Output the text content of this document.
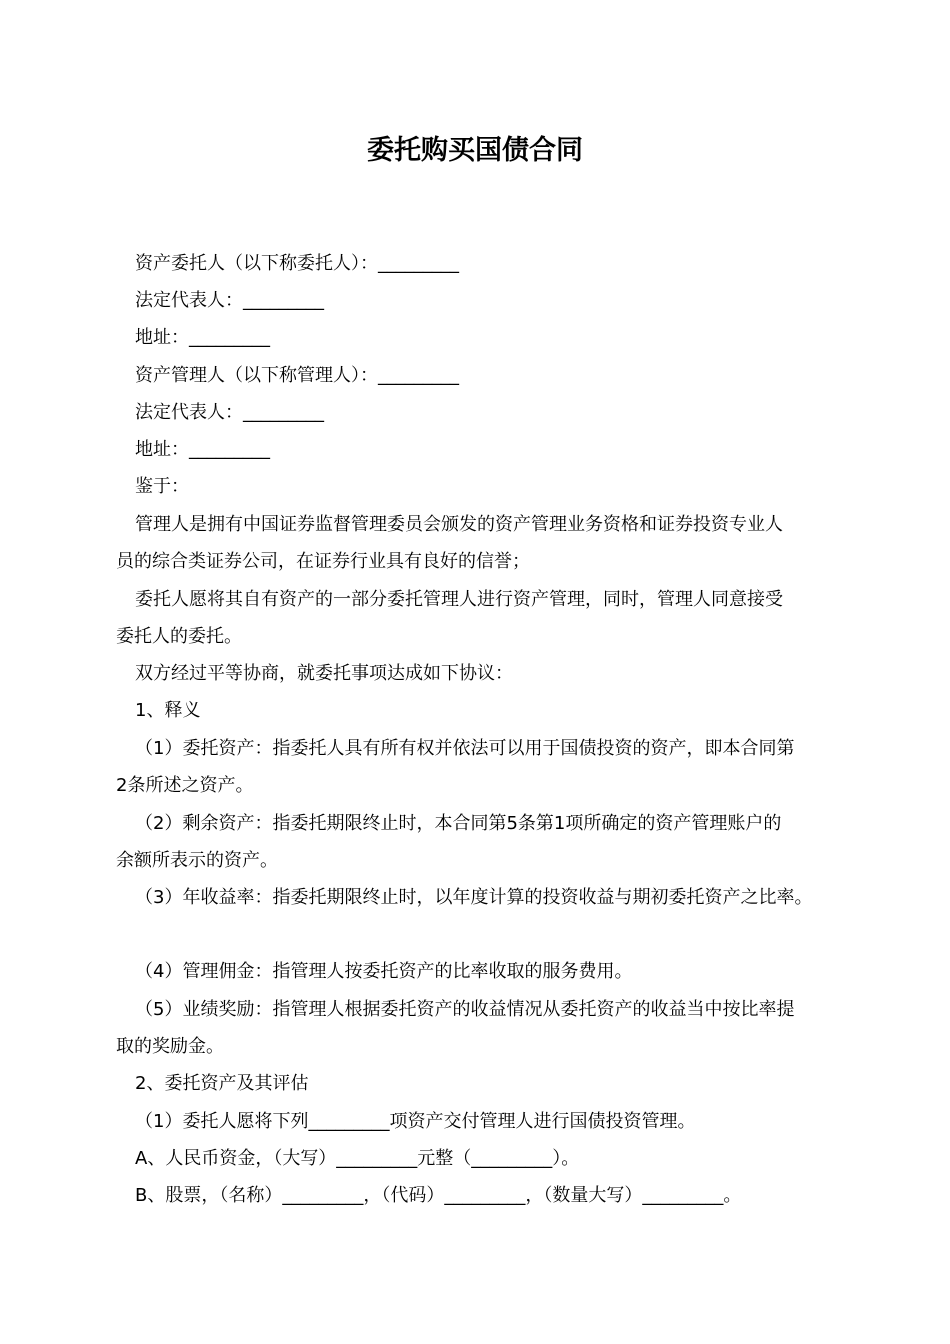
委托购买国债合同
资产委托人（以下称委托人）：_________
法定代表人：_________
地址：_________
资产管理人（以下称管理人）：_________
法定代表人：_________
地址：_________
鉴于：
管理人是拥有中国证券监督管理委员会颁发的资产管理业务资格和证券投资专业人
员的综合类证券公司，在证券行业具有良好的信誉；
委托人愿将其自有资产的一部分委托管理人进行资产管理，同时，管理人同意接受
委托人的委托。
双方经过平等协商，就委托事项达成如下协议：
1、释义
（1）委托资产：指委托人具有所有权并依法可以用于国债投资的资产，即本合同第
2条所述之资产。
（2）剩余资产：指委托期限终止时，本合同第5条第1项所确定的资产管理账户的
余额所表示的资产。
（3）年收益率：指委托期限终止时，以年度计算的投资收益与期初委托资产之比率。
（4）管理佣金：指管理人按委托资产的比率收取的服务费用。
（5）业绩奖励：指管理人根据委托资产的收益情况从委托资产的收益当中按比率提
取的奖励金。
2、委托资产及其评估
（1）委托人愿将下列_________项资产交付管理人进行国债投资管理。
A、人民币资金，（大写）_________元整（_________）。
B、股票，（名称）_________，（代码）_________，（数量大写）_________。
